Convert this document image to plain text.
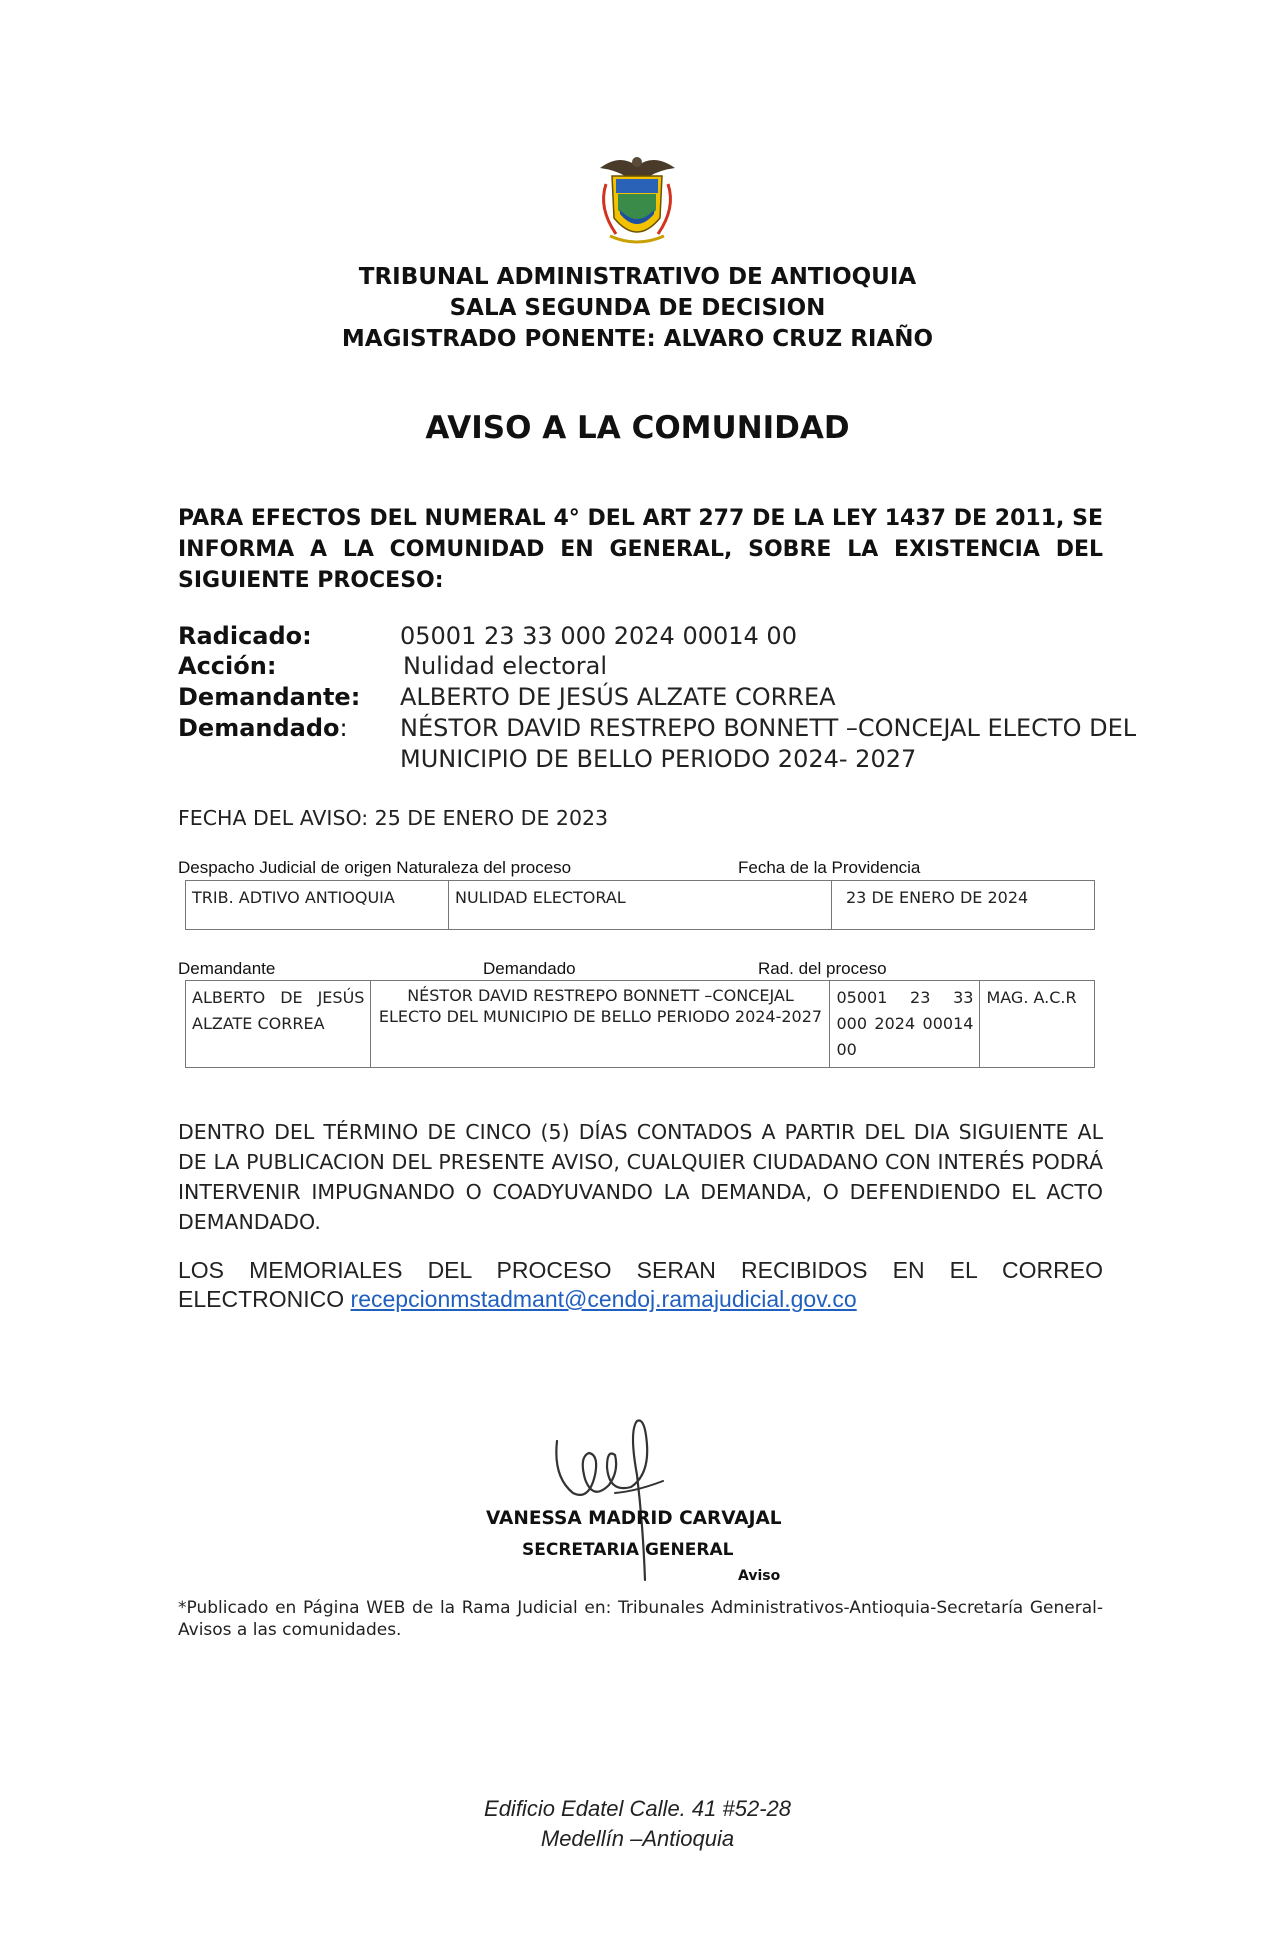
TRIBUNAL ADMINISTRATIVO DE ANTIOQUIA
SALA SEGUNDA DE DECISION
MAGISTRADO PONENTE: ALVARO CRUZ RIAÑO
AVISO A LA COMUNIDAD
PARA EFECTOS DEL NUMERAL 4° DEL ART 277 DE LA LEY 1437 DE 2011, SE INFORMA A LA COMUNIDAD EN GENERAL, SOBRE LA EXISTENCIA DEL SIGUIENTE PROCESO:
Radicado:	05001 23 33 000 2024 00014 00
Acción:	Nulidad electoral
Demandante: ALBERTO DE JESÚS ALZATE CORREA
Demandado: NÉSTOR DAVID RESTREPO BONNETT –CONCEJAL ELECTO DEL
MUNICIPIO DE BELLO PERIODO 2024- 2027
FECHA DEL AVISO: 25 DE ENERO DE 2023
Despacho Judicial de origen Naturaleza del proceso	Fecha de la Providencia
TRIB. ADTIVO ANTIOQUIA	NULIDAD ELECTORAL	23 DE ENERO DE 2024
Demandante	Demandado	Rad. del proceso
ALBERTO DE JESÚS ALZATE CORREA	NÉSTOR DAVID RESTREPO BONNETT –CONCEJAL ELECTO DEL MUNICIPIO DE BELLO PERIODO 2024-2027	05001 23 33 000 2024 00014 00	MAG. A.C.R
DENTRO DEL TÉRMINO DE CINCO (5) DÍAS CONTADOS A PARTIR DEL DIA SIGUIENTE AL DE LA PUBLICACION DEL PRESENTE AVISO, CUALQUIER CIUDADANO CON INTERÉS PODRÁ INTERVENIR IMPUGNANDO O COADYUVANDO LA DEMANDA, O DEFENDIENDO EL ACTO DEMANDADO.
LOS MEMORIALES DEL PROCESO SERAN RECIBIDOS EN EL CORREO ELECTRONICO recepcionmstadmant@cendoj.ramajudicial.gov.co
VANESSA MADRID CARVAJAL
SECRETARIA GENERAL
Aviso
*Publicado en Página WEB de la Rama Judicial en: Tribunales Administrativos-Antioquia-Secretaría General-Avisos a las comunidades.
Edificio Edatel Calle. 41 #52-28
Medellín –Antioquia
